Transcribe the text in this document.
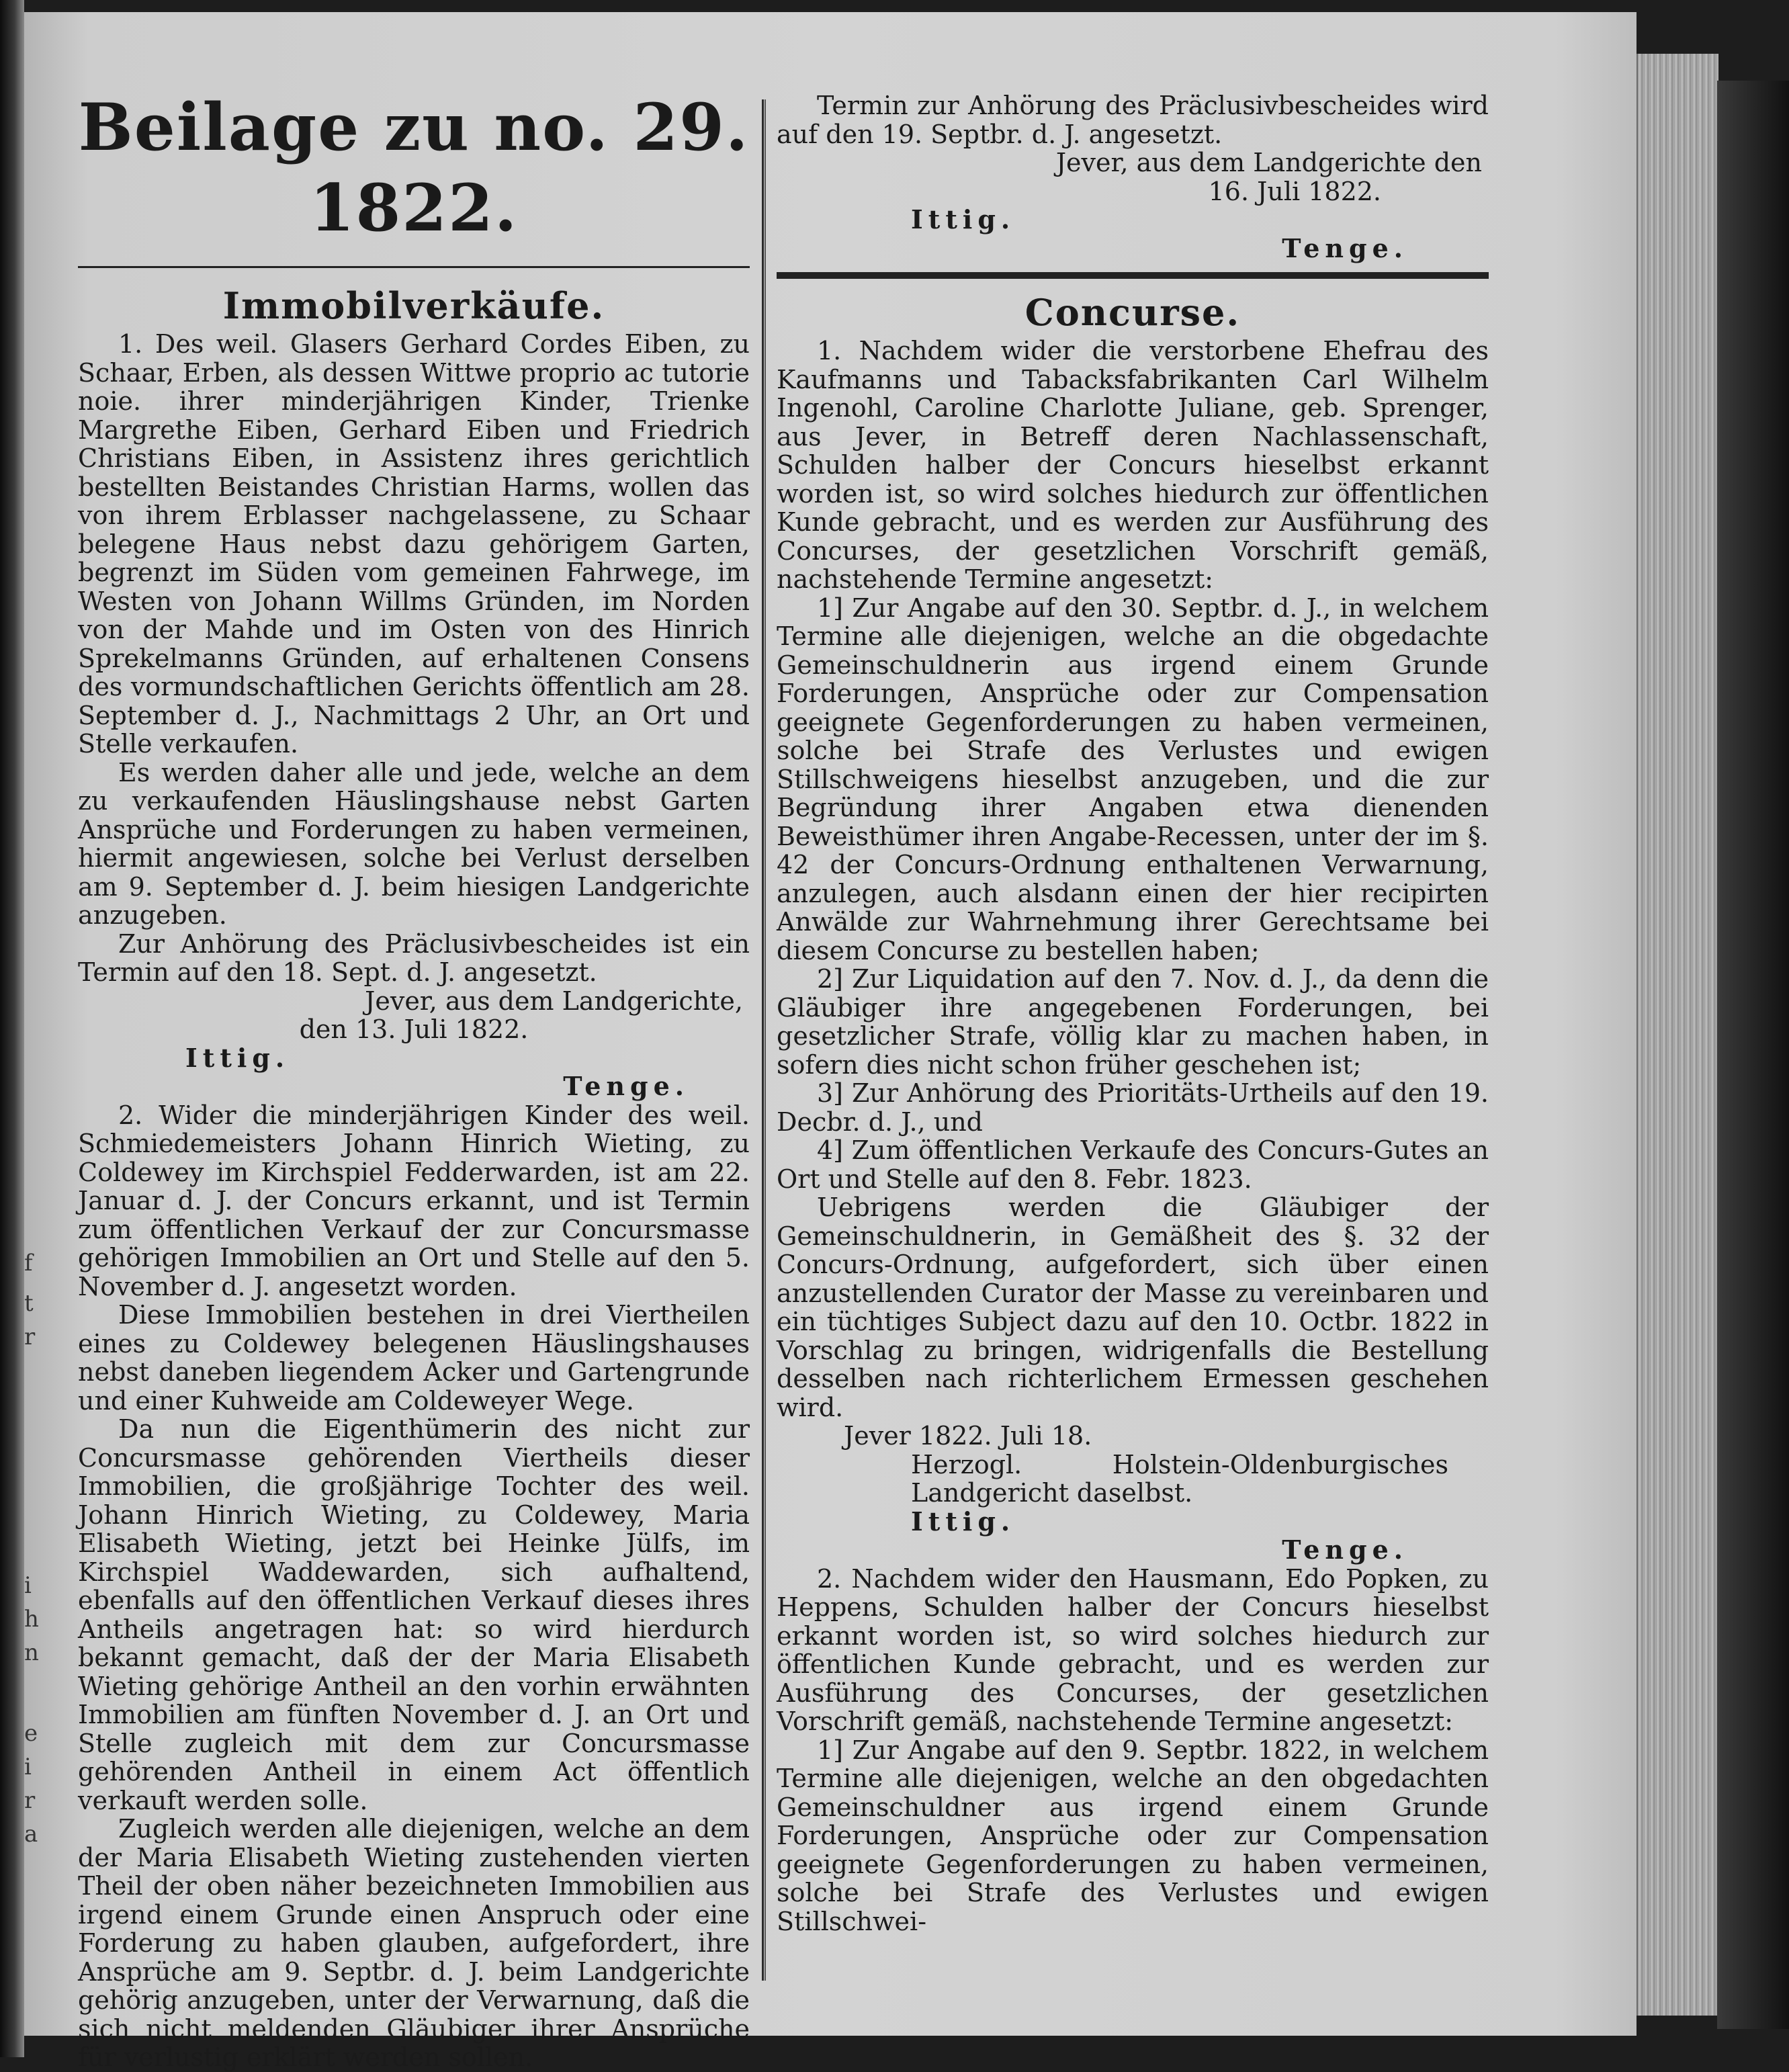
f
t
r
i
h
n
e
i
r
a
Beilage zu no. 29. 1822.
Immobilverkäufe.

1. Des weil. Glasers Gerhard Cordes Eiben, zu Schaar, Erben, als dessen Wittwe proprio ac tutorie noie. ihrer minderjährigen Kinder, Trienke Margrethe Eiben, Gerhard Eiben und Friedrich Christians Eiben, in Assistenz ihres gerichtlich bestellten Beistandes Christian Harms, wollen das von ihrem Erblasser nachgelassene, zu Schaar belegene Haus nebst dazu gehörigem Garten, begrenzt im Süden vom gemeinen Fahrwege, im Westen von Johann Willms Gründen, im Norden von der Mahde und im Osten von des Hinrich Sprekelmanns Gründen, auf erhaltenen Consens des vormundschaftlichen Gerichts öffentlich am 28. September d. J., Nachmittags 2 Uhr, an Ort und Stelle verkaufen.

Es werden daher alle und jede, welche an dem zu verkaufenden Häuslingshause nebst Garten Ansprüche und Forderungen zu haben vermeinen, hiermit angewiesen, solche bei Verlust derselben am 9. September d. J. beim hiesigen Landgerichte anzugeben.

Zur Anhörung des Präclusivbescheides ist ein Termin auf den 18. Sept. d. J. angesetzt.

Jever, aus dem Landgerichte,
den 13. Juli 1822.
Ittig.
Tenge.

2. Wider die minderjährigen Kinder des weil. Schmiedemeisters Johann Hinrich Wieting, zu Coldewey im Kirchspiel Fedderwarden, ist am 22. Januar d. J. der Concurs erkannt, und ist Termin zum öffentlichen Verkauf der zur Concursmasse gehörigen Immobilien an Ort und Stelle auf den 5. November d. J. angesetzt worden.

Diese Immobilien bestehen in drei Viertheilen eines zu Coldewey belegenen Häuslingshauses nebst daneben liegendem Acker und Gartengrunde und einer Kuhweide am Coldeweyer Wege.

Da nun die Eigenthümerin des nicht zur Concursmasse gehörenden Viertheils dieser Immobilien, die großjährige Tochter des weil. Johann Hinrich Wieting, zu Coldewey, Maria Elisabeth Wieting, jetzt bei Heinke Jülfs, im Kirchspiel Waddewarden, sich aufhaltend, ebenfalls auf den öffentlichen Verkauf dieses ihres Antheils angetragen hat: so wird hierdurch bekannt gemacht, daß der der Maria Elisabeth Wieting gehörige Antheil an den vorhin erwähnten Immobilien am fünften November d. J. an Ort und Stelle zugleich mit dem zur Concursmasse gehörenden Antheil in einem Act öffentlich verkauft werden solle.

Zugleich werden alle diejenigen, welche an dem der Maria Elisabeth Wieting zustehenden vierten Theil der oben näher bezeichneten Immobilien aus irgend einem Grunde einen Anspruch oder eine Forderung zu haben glauben, aufgefordert, ihre Ansprüche am 9. Septbr. d. J. beim Landgerichte gehörig anzugeben, unter der Verwarnung, daß die sich nicht meldenden Gläubiger ihrer Ansprüche für verlustig erklärt werden sollen.

Termin zur Anhörung des Präclusivbescheides wird auf den 19. Septbr. d. J. angesetzt.

Jever, aus dem Landgerichte den
16. Juli 1822.
Ittig.
Tenge.
Concurse.

1. Nachdem wider die verstorbene Ehefrau des Kaufmanns und Tabacksfabrikanten Carl Wilhelm Ingenohl, Caroline Charlotte Juliane, geb. Sprenger, aus Jever, in Betreff deren Nachlassenschaft, Schulden halber der Concurs hieselbst erkannt worden ist, so wird solches hiedurch zur öffentlichen Kunde gebracht, und es werden zur Ausführung des Concurses, der gesetzlichen Vorschrift gemäß, nachstehende Termine angesetzt:

1] Zur Angabe auf den 30. Septbr. d. J., in welchem Termine alle diejenigen, welche an die obgedachte Gemeinschuldnerin aus irgend einem Grunde Forderungen, Ansprüche oder zur Compensation geeignete Gegenforderungen zu haben vermeinen, solche bei Strafe des Verlustes und ewigen Stillschweigens hieselbst anzugeben, und die zur Begründung ihrer Angaben etwa dienenden Beweisthümer ihren Angabe-Recessen, unter der im §. 42 der Concurs-Ordnung enthaltenen Verwarnung, anzulegen, auch alsdann einen der hier recipirten Anwälde zur Wahrnehmung ihrer Gerechtsame bei diesem Concurse zu bestellen haben;

2] Zur Liquidation auf den 7. Nov. d. J., da denn die Gläubiger ihre angegebenen Forderungen, bei gesetzlicher Strafe, völlig klar zu machen haben, in sofern dies nicht schon früher geschehen ist;

3] Zur Anhörung des Prioritäts-Urtheils auf den 19. Decbr. d. J., und

4] Zum öffentlichen Verkaufe des Concurs-Gutes an Ort und Stelle auf den 8. Febr. 1823.

Uebrigens werden die Gläubiger der Gemeinschuldnerin, in Gemäßheit des §. 32 der Concurs-Ordnung, aufgefordert, sich über einen anzustellenden Curator der Masse zu vereinbaren und ein tüchtiges Subject dazu auf den 10. Octbr. 1822 in Vorschlag zu bringen, widrigenfalls die Bestellung desselben nach richterlichem Ermessen geschehen wird.

Jever 1822. Juli 18.
Herzogl. Holstein-Oldenburgisches Landgericht daselbst.
Ittig.
Tenge.

2. Nachdem wider den Hausmann, Edo Popken, zu Heppens, Schulden halber der Concurs hieselbst erkannt worden ist, so wird solches hiedurch zur öffentlichen Kunde gebracht, und es werden zur Ausführung des Concurses, der gesetzlichen Vorschrift gemäß, nachstehende Termine angesetzt:

1] Zur Angabe auf den 9. Septbr. 1822, in welchem Termine alle diejenigen, welche an den obgedachten Gemeinschuldner aus irgend einem Grunde Forderungen, Ansprüche oder zur Compensation geeignete Gegenforderungen zu haben vermeinen, solche bei Strafe des Verlustes und ewigen Stillschwei-
